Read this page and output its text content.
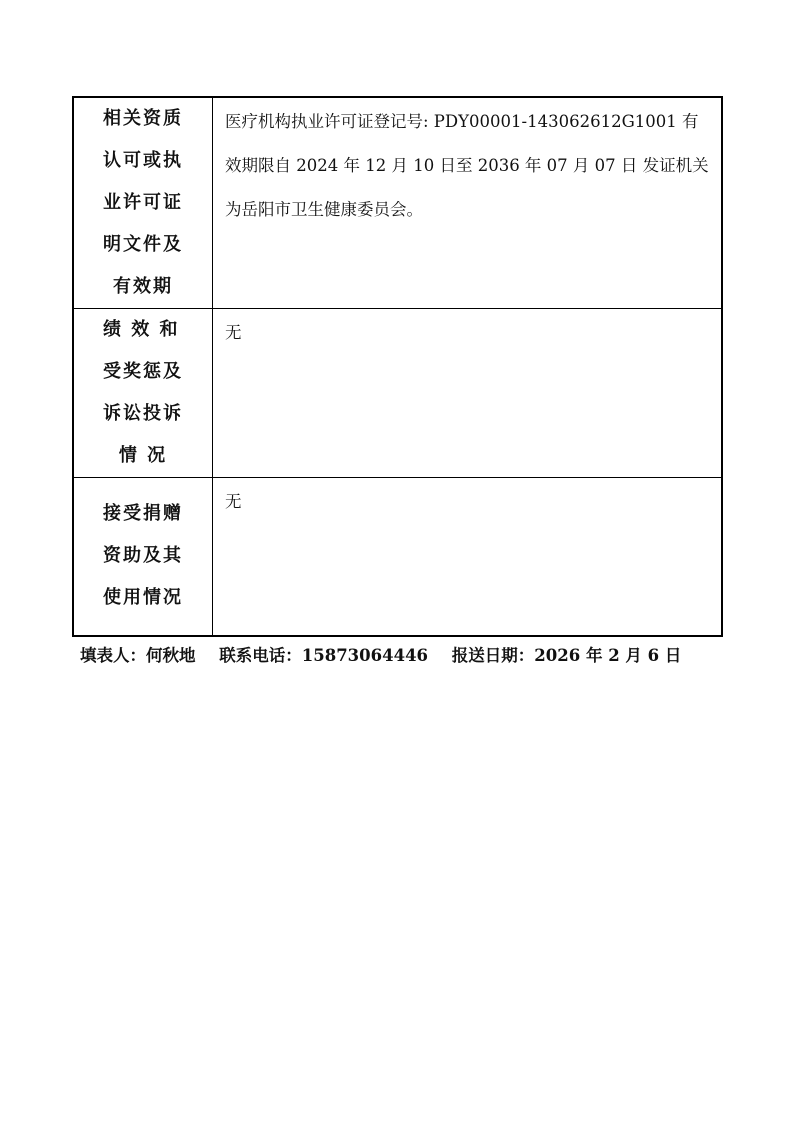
相关资质
认可或执
业许可证
明文件及
有效期	医疗机构执业许可证登记号: PDY00001-143062612G1001 有
效期限自 2024 年 12 月 10 日至 2036 年 07 月 07 日 发证机关
为岳阳市卫生健康委员会。

绩 效 和
受奖惩及
诉讼投诉
情 况	无

接受捐赠
资助及其
使用情况	无
填表人：何秋地 联系电话：15873064446 报送日期：2026 年 2 月 6 日
